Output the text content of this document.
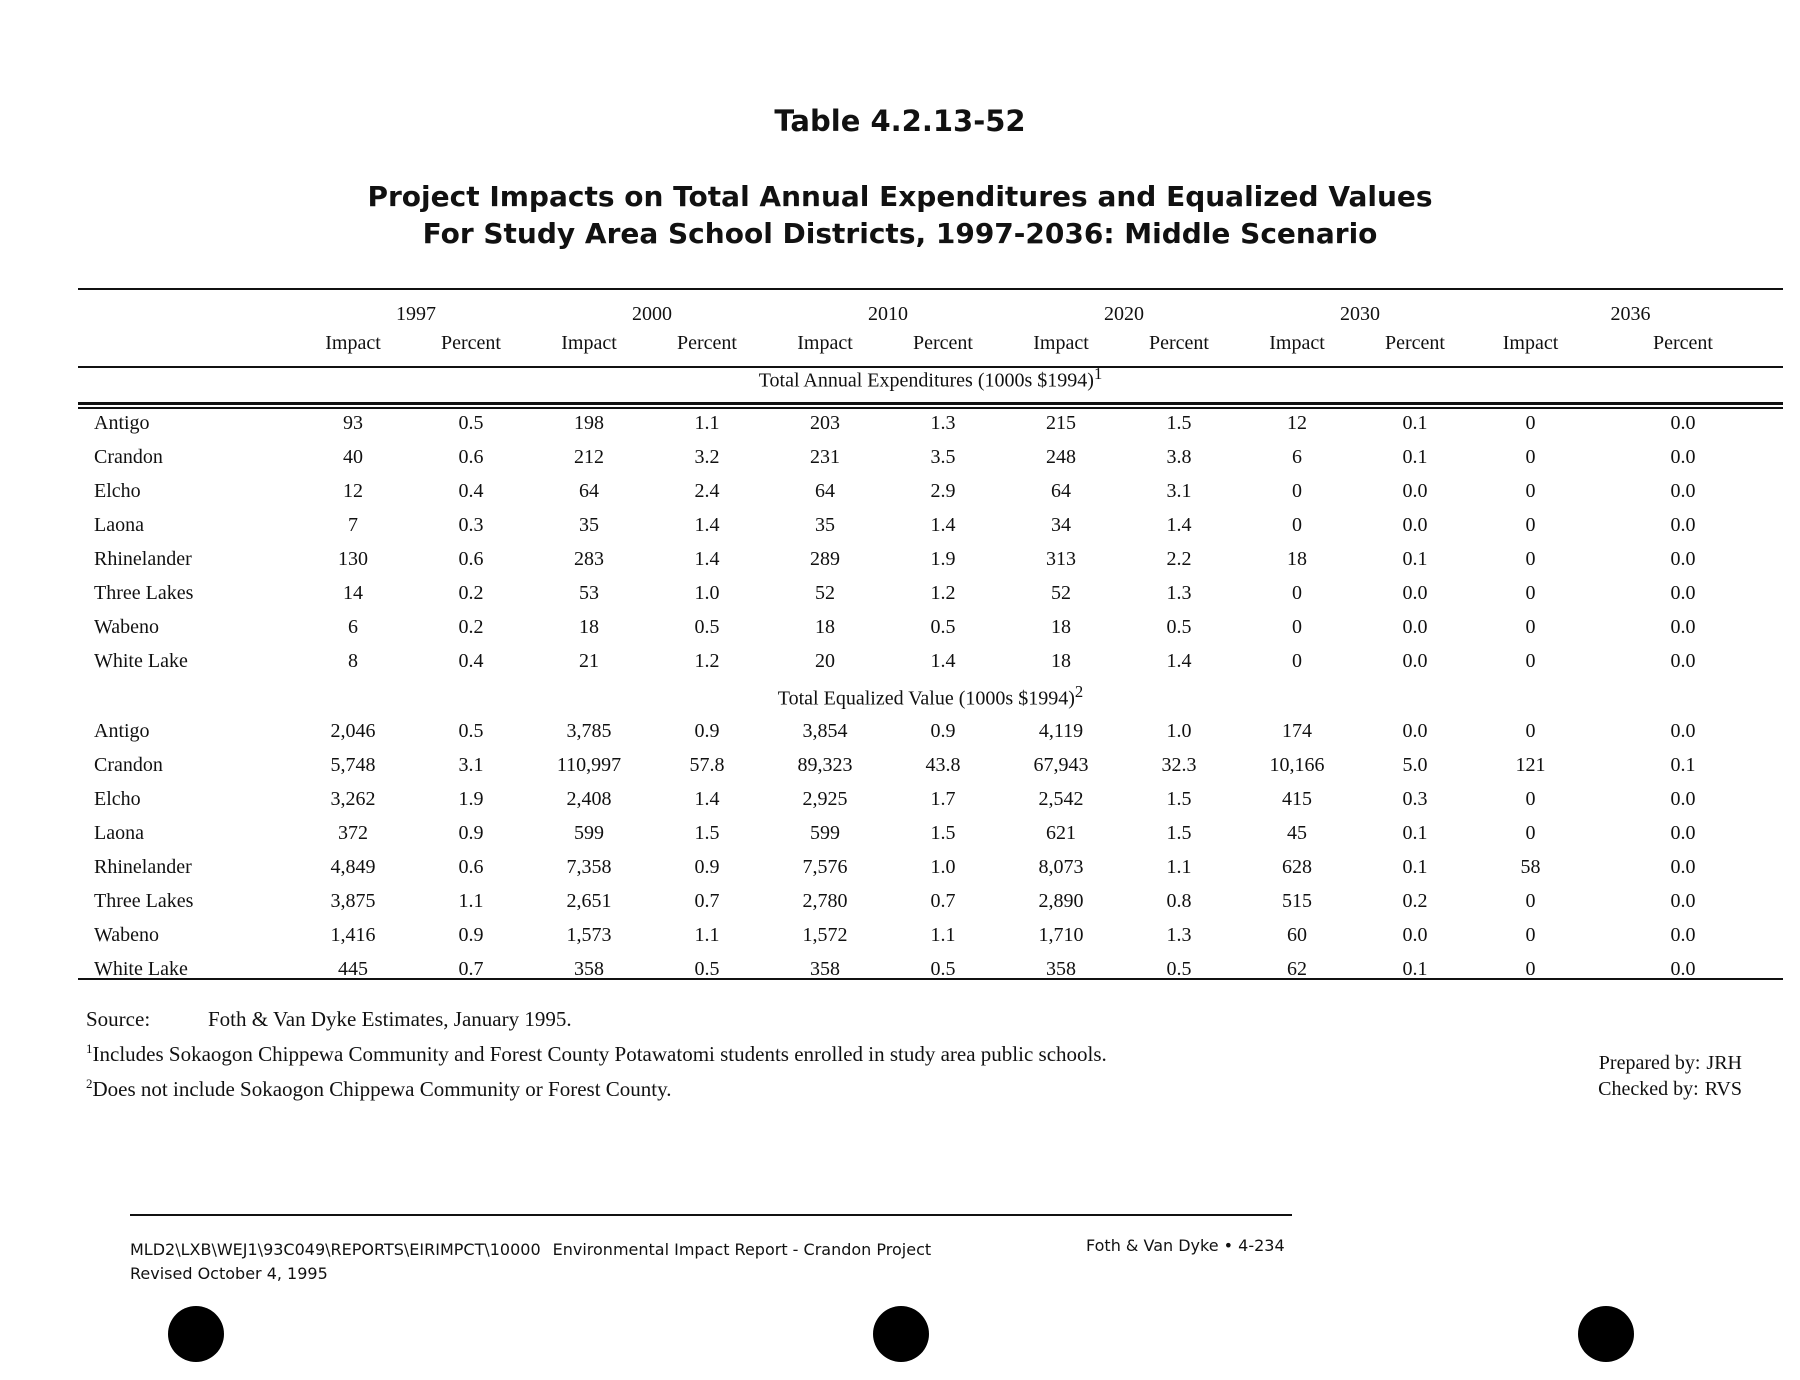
Table 4.2.13-52
Project Impacts on Total Annual Expenditures and Equalized Values
For Study Area School Districts, 1997-2036: Middle Scenario
	1997		2000		2010		2020		2030		2036	
	Impact	Percent	Impact	Percent	Impact	Percent	Impact	Percent	Impact	Percent	Impact	Percent
Total Annual Expenditures (1000s $1994)$^1$

Antigo	93	0.5	198	1.1	203	1.3	215	1.5	12	0.1	0	0.0
Crandon	40	0.6	212	3.2	231	3.5	248	3.8	6	0.1	0	0.0
Elcho	12	0.4	64	2.4	64	2.9	64	3.1	0	0.0	0	0.0
Laona	7	0.3	35	1.4	35	1.4	34	1.4	0	0.0	0	0.0
Rhinelander	130	0.6	283	1.4	289	1.9	313	2.2	18	0.1	0	0.0
Three Lakes	14	0.2	53	1.0	52	1.2	52	1.3	0	0.0	0	0.0
Wabeno	6	0.2	18	0.5	18	0.5	18	0.5	0	0.0	0	0.0
White Lake	8	0.4	21	1.2	20	1.4	18	1.4	0	0.0	0	0.0
Total Equalized Value (1000s $1994)$^2$
Antigo	2,046	0.5	3,785	0.9	3,854	0.9	4,119	1.0	174	0.0	0	0.0
Crandon	5,748	3.1	110,997	57.8	89,323	43.8	67,943	32.3	10,166	5.0	121	0.1
Elcho	3,262	1.9	2,408	1.4	2,925	1.7	2,542	1.5	415	0.3	0	0.0
Laona	372	0.9	599	1.5	599	1.5	621	1.5	45	0.1	0	0.0
Rhinelander	4,849	0.6	7,358	0.9	7,576	1.0	8,073	1.1	628	0.1	58	0.0
Three Lakes	3,875	1.1	2,651	0.7	2,780	0.7	2,890	0.8	515	0.2	0	0.0
Wabeno	1,416	0.9	1,573	1.1	1,572	1.1	1,710	1.3	60	0.0	0	0.0
White Lake	445	0.7	358	0.5	358	0.5	358	0.5	62	0.1	0	0.0
Source:	Foth & Van Dyke Estimates, January 1995.
$^1$Includes Sokaogon Chippewa Community and Forest County Potawatomi students enrolled in study area public schools.
$^2$Does not include Sokaogon Chippewa Community or Forest County.
Prepared by: JRH
Checked by: RVS
MLD2\LXB\WEJ1\93C049\REPORTS\EIRIMPCT\10000 Environmental Impact Report - Crandon Project
Revised October 4, 1995
Foth & Van Dyke • 4-234
